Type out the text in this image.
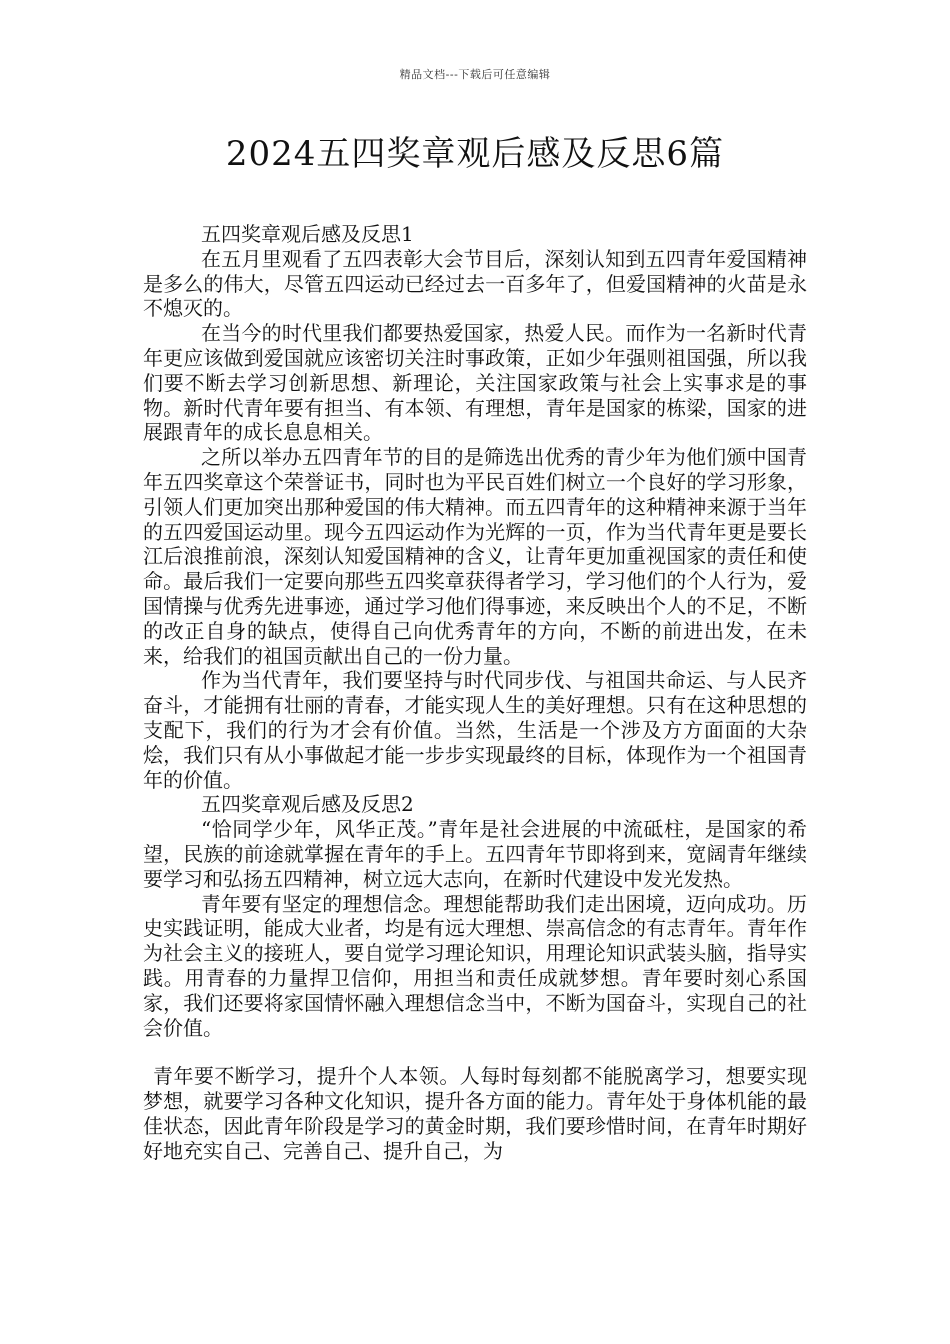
精品文档---下载后可任意编辑
2024五四奖章观后感及反思6篇

五四奖章观后感及反思1

在五月里观看了五四表彰大会节目后，深刻认知到五四青年爱国精神是多么的伟大，尽管五四运动已经过去一百多年了，但爱国精神的火苗是永不熄灭的。

在当今的时代里我们都要热爱国家，热爱人民。而作为一名新时代青年更应该做到爱国就应该密切关注时事政策，正如少年强则祖国强，所以我们要不断去学习创新思想、新理论，关注国家政策与社会上实事求是的事物。新时代青年要有担当、有本领、有理想，青年是国家的栋梁，国家的进展跟青年的成长息息相关。

之所以举办五四青年节的目的是筛选出优秀的青少年为他们颁中国青年五四奖章这个荣誉证书，同时也为平民百姓们树立一个良好的学习形象，引领人们更加突出那种爱国的伟大精神。而五四青年的这种精神来源于当年的五四爱国运动里。现今五四运动作为光辉的一页，作为当代青年更是要长江后浪推前浪，深刻认知爱国精神的含义，让青年更加重视国家的责任和使命。最后我们一定要向那些五四奖章获得者学习，学习他们的个人行为，爱国情操与优秀先进事迹，通过学习他们得事迹，来反映出个人的不足，不断的改正自身的缺点，使得自己向优秀青年的方向，不断的前进出发，在未来，给我们的祖国贡献出自己的一份力量。

作为当代青年，我们要坚持与时代同步伐、与祖国共命运、与人民齐奋斗，才能拥有壮丽的青春，才能实现人生的美好理想。只有在这种思想的支配下，我们的行为才会有价值。当然，生活是一个涉及方方面面的大杂烩，我们只有从小事做起才能一步步实现最终的目标，体现作为一个祖国青年的价值。

五四奖章观后感及反思2

“恰同学少年，风华正茂。”青年是社会进展的中流砥柱，是国家的希望，民族的前途就掌握在青年的手上。五四青年节即将到来，宽阔青年继续要学习和弘扬五四精神，树立远大志向，在新时代建设中发光发热。

青年要有坚定的理想信念。理想能帮助我们走出困境，迈向成功。历史实践证明，能成大业者，均是有远大理想、崇高信念的有志青年。青年作为社会主义的接班人，要自觉学习理论知识，用理论知识武装头脑，指导实践。用青春的力量捍卫信仰，用担当和责任成就梦想。青年要时刻心系国家，我们还要将家国情怀融入理想信念当中，不断为国奋斗，实现自己的社会价值。

青年要不断学习，提升个人本领。人每时每刻都不能脱离学习，想要实现梦想，就要学习各种文化知识，提升各方面的能力。青年处于身体机能的最佳状态，因此青年阶段是学习的黄金时期，我们要珍惜时间，在青年时期好好地充实自己、完善自己、提升自己，为
